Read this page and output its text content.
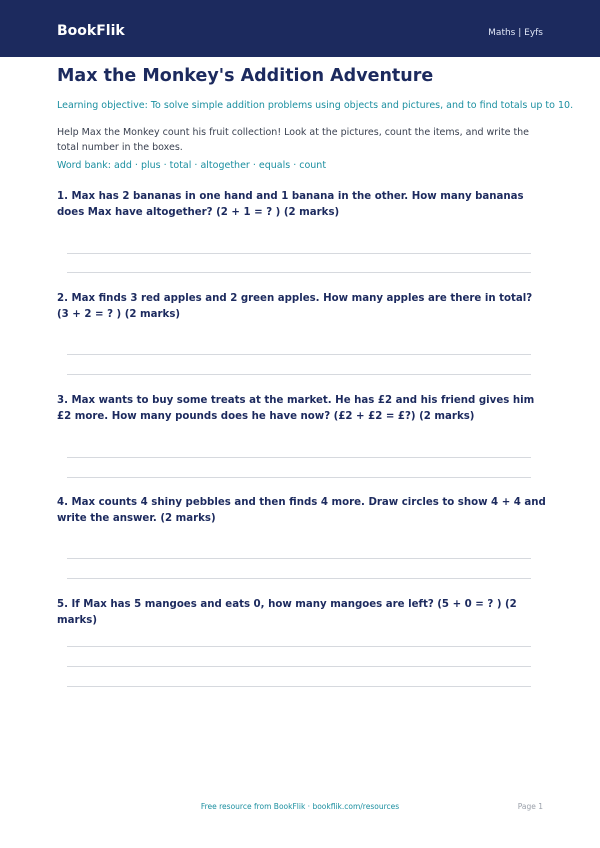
BookFlik	Maths | Eyfs
Max the Monkey's Addition Adventure
Learning objective: To solve simple addition problems using objects and pictures, and to find totals up to 10.
Help Max the Monkey count his fruit collection! Look at the pictures, count the items, and write the total number in the boxes.
Word bank: add · plus · total · altogether · equals · count
1. Max has 2 bananas in one hand and 1 banana in the other. How many bananas does Max have altogether? (2 + 1 = ? ) (2 marks)
2. Max finds 3 red apples and 2 green apples. How many apples are there in total? (3 + 2 = ? ) (2 marks)
3. Max wants to buy some treats at the market. He has £2 and his friend gives him £2 more. How many pounds does he have now? (£2 + £2 = £?) (2 marks)
4. Max counts 4 shiny pebbles and then finds 4 more. Draw circles to show 4 + 4 and write the answer. (2 marks)
5. If Max has 5 mangoes and eats 0, how many mangoes are left? (5 + 0 = ? ) (2 marks)
Free resource from BookFlik · bookflik.com/resources	Page 1
